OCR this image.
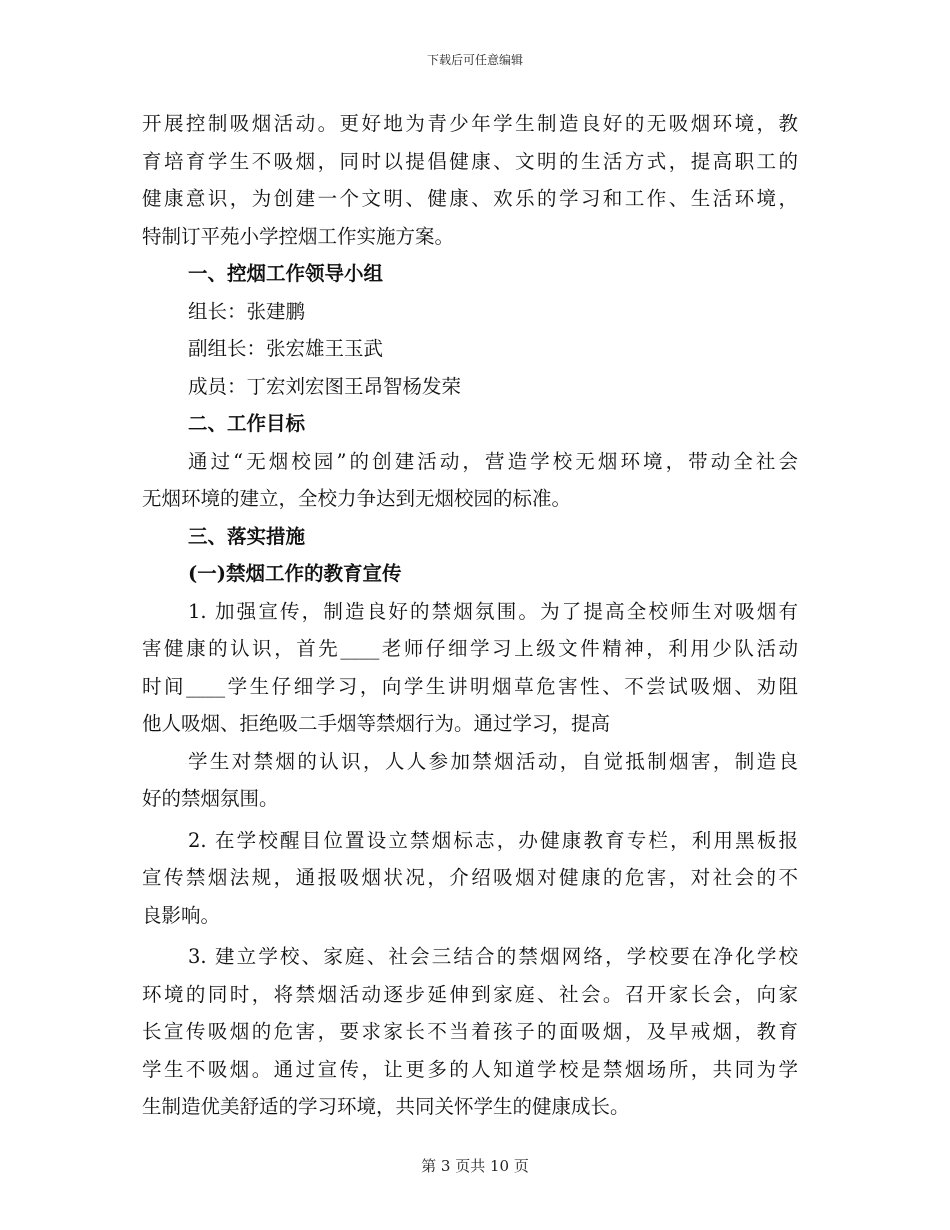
下载后可任意编辑
开展控制吸烟活动。更好地为青少年学生制造良好的无吸烟环境，教
育培育学生不吸烟，同时以提倡健康、文明的生活方式，提高职工的
健康意识，为创建一个文明、健康、欢乐的学习和工作、生活环境，
特制订平苑小学控烟工作实施方案。
一、控烟工作领导小组
组长：张建鹏
副组长：张宏雄王玉武
成员：丁宏刘宏图王昂智杨发荣
二、工作目标
通过“无烟校园”的创建活动，营造学校无烟环境，带动全社会
无烟环境的建立，全校力争达到无烟校园的标准。
三、落实措施
(一)禁烟工作的教育宣传
1. 加强宣传，制造良好的禁烟氛围。为了提高全校师生对吸烟有
害健康的认识，首先____老师仔细学习上级文件精神，利用少队活动
时间____学生仔细学习，向学生讲明烟草危害性、不尝试吸烟、劝阻
他人吸烟、拒绝吸二手烟等禁烟行为。通过学习，提高
学生对禁烟的认识，人人参加禁烟活动，自觉抵制烟害，制造良
好的禁烟氛围。
2. 在学校醒目位置设立禁烟标志，办健康教育专栏，利用黑板报
宣传禁烟法规，通报吸烟状况，介绍吸烟对健康的危害，对社会的不
良影响。
3. 建立学校、家庭、社会三结合的禁烟网络，学校要在净化学校
环境的同时，将禁烟活动逐步延伸到家庭、社会。召开家长会，向家
长宣传吸烟的危害，要求家长不当着孩子的面吸烟，及早戒烟，教育
学生不吸烟。通过宣传，让更多的人知道学校是禁烟场所，共同为学
生制造优美舒适的学习环境，共同关怀学生的健康成长。
第 3 页共 10 页
